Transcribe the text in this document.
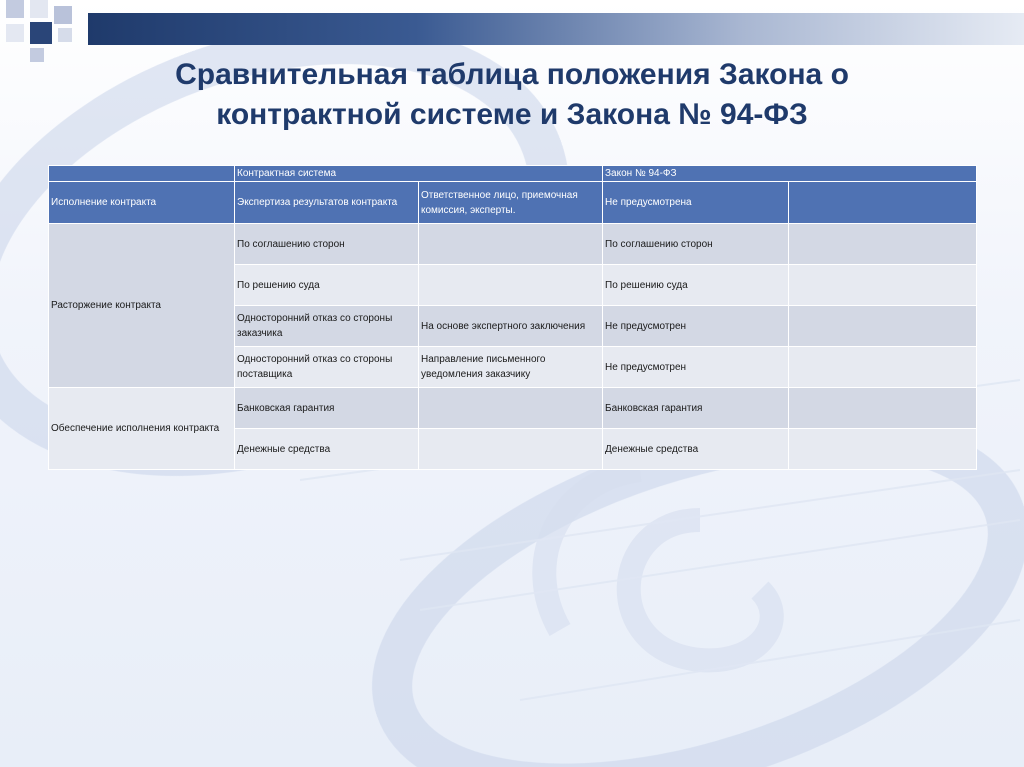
Сравнительная таблица положения Закона о
контрактной системе и Закона № 94-ФЗ
	Контрактная система		Закон № 94-ФЗ	
Исполнение контракта	Экспертиза результатов контракта	Ответственное лицо, приемочная комиссия, эксперты.	Не предусмотрена	
Расторжение контракта	По соглашению сторон		По соглашению сторон	
	По решению суда		По решению суда	
	Односторонний отказ со стороны заказчика	На основе экспертного заключения	Не предусмотрен	
	Односторонний отказ со стороны поставщика	Направление письменного уведомления заказчику	Не предусмотрен	
Обеспечение исполнения контракта	Банковская гарантия		Банковская гарантия	
	Денежные средства		Денежные средства	
